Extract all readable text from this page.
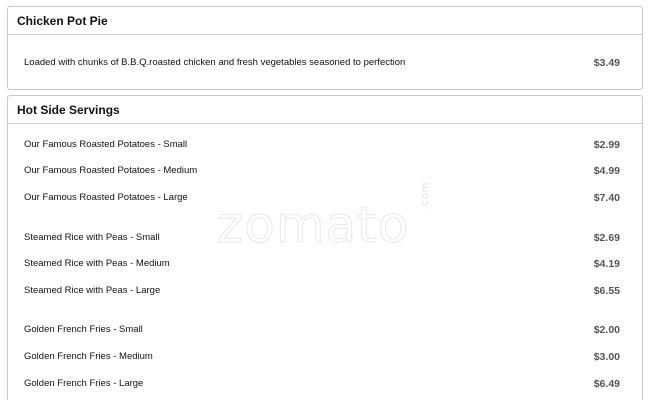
Chicken Pot Pie
Loaded with chunks of B.B.Q.roasted chicken and fresh vegetables seasoned to perfection	$3.49
Hot Side Servings
Our Famous Roasted Potatoes - Small	$2.99
Our Famous Roasted Potatoes - Medium	$4.99
Our Famous Roasted Potatoes - Large	$7.40
Steamed Rice with Peas - Small	$2.69
Steamed Rice with Peas - Medium	$4.19
Steamed Rice with Peas - Large	$6.55
Golden French Fries - Small	$2.00
Golden French Fries - Medium	$3.00
Golden French Fries - Large	$6.49
